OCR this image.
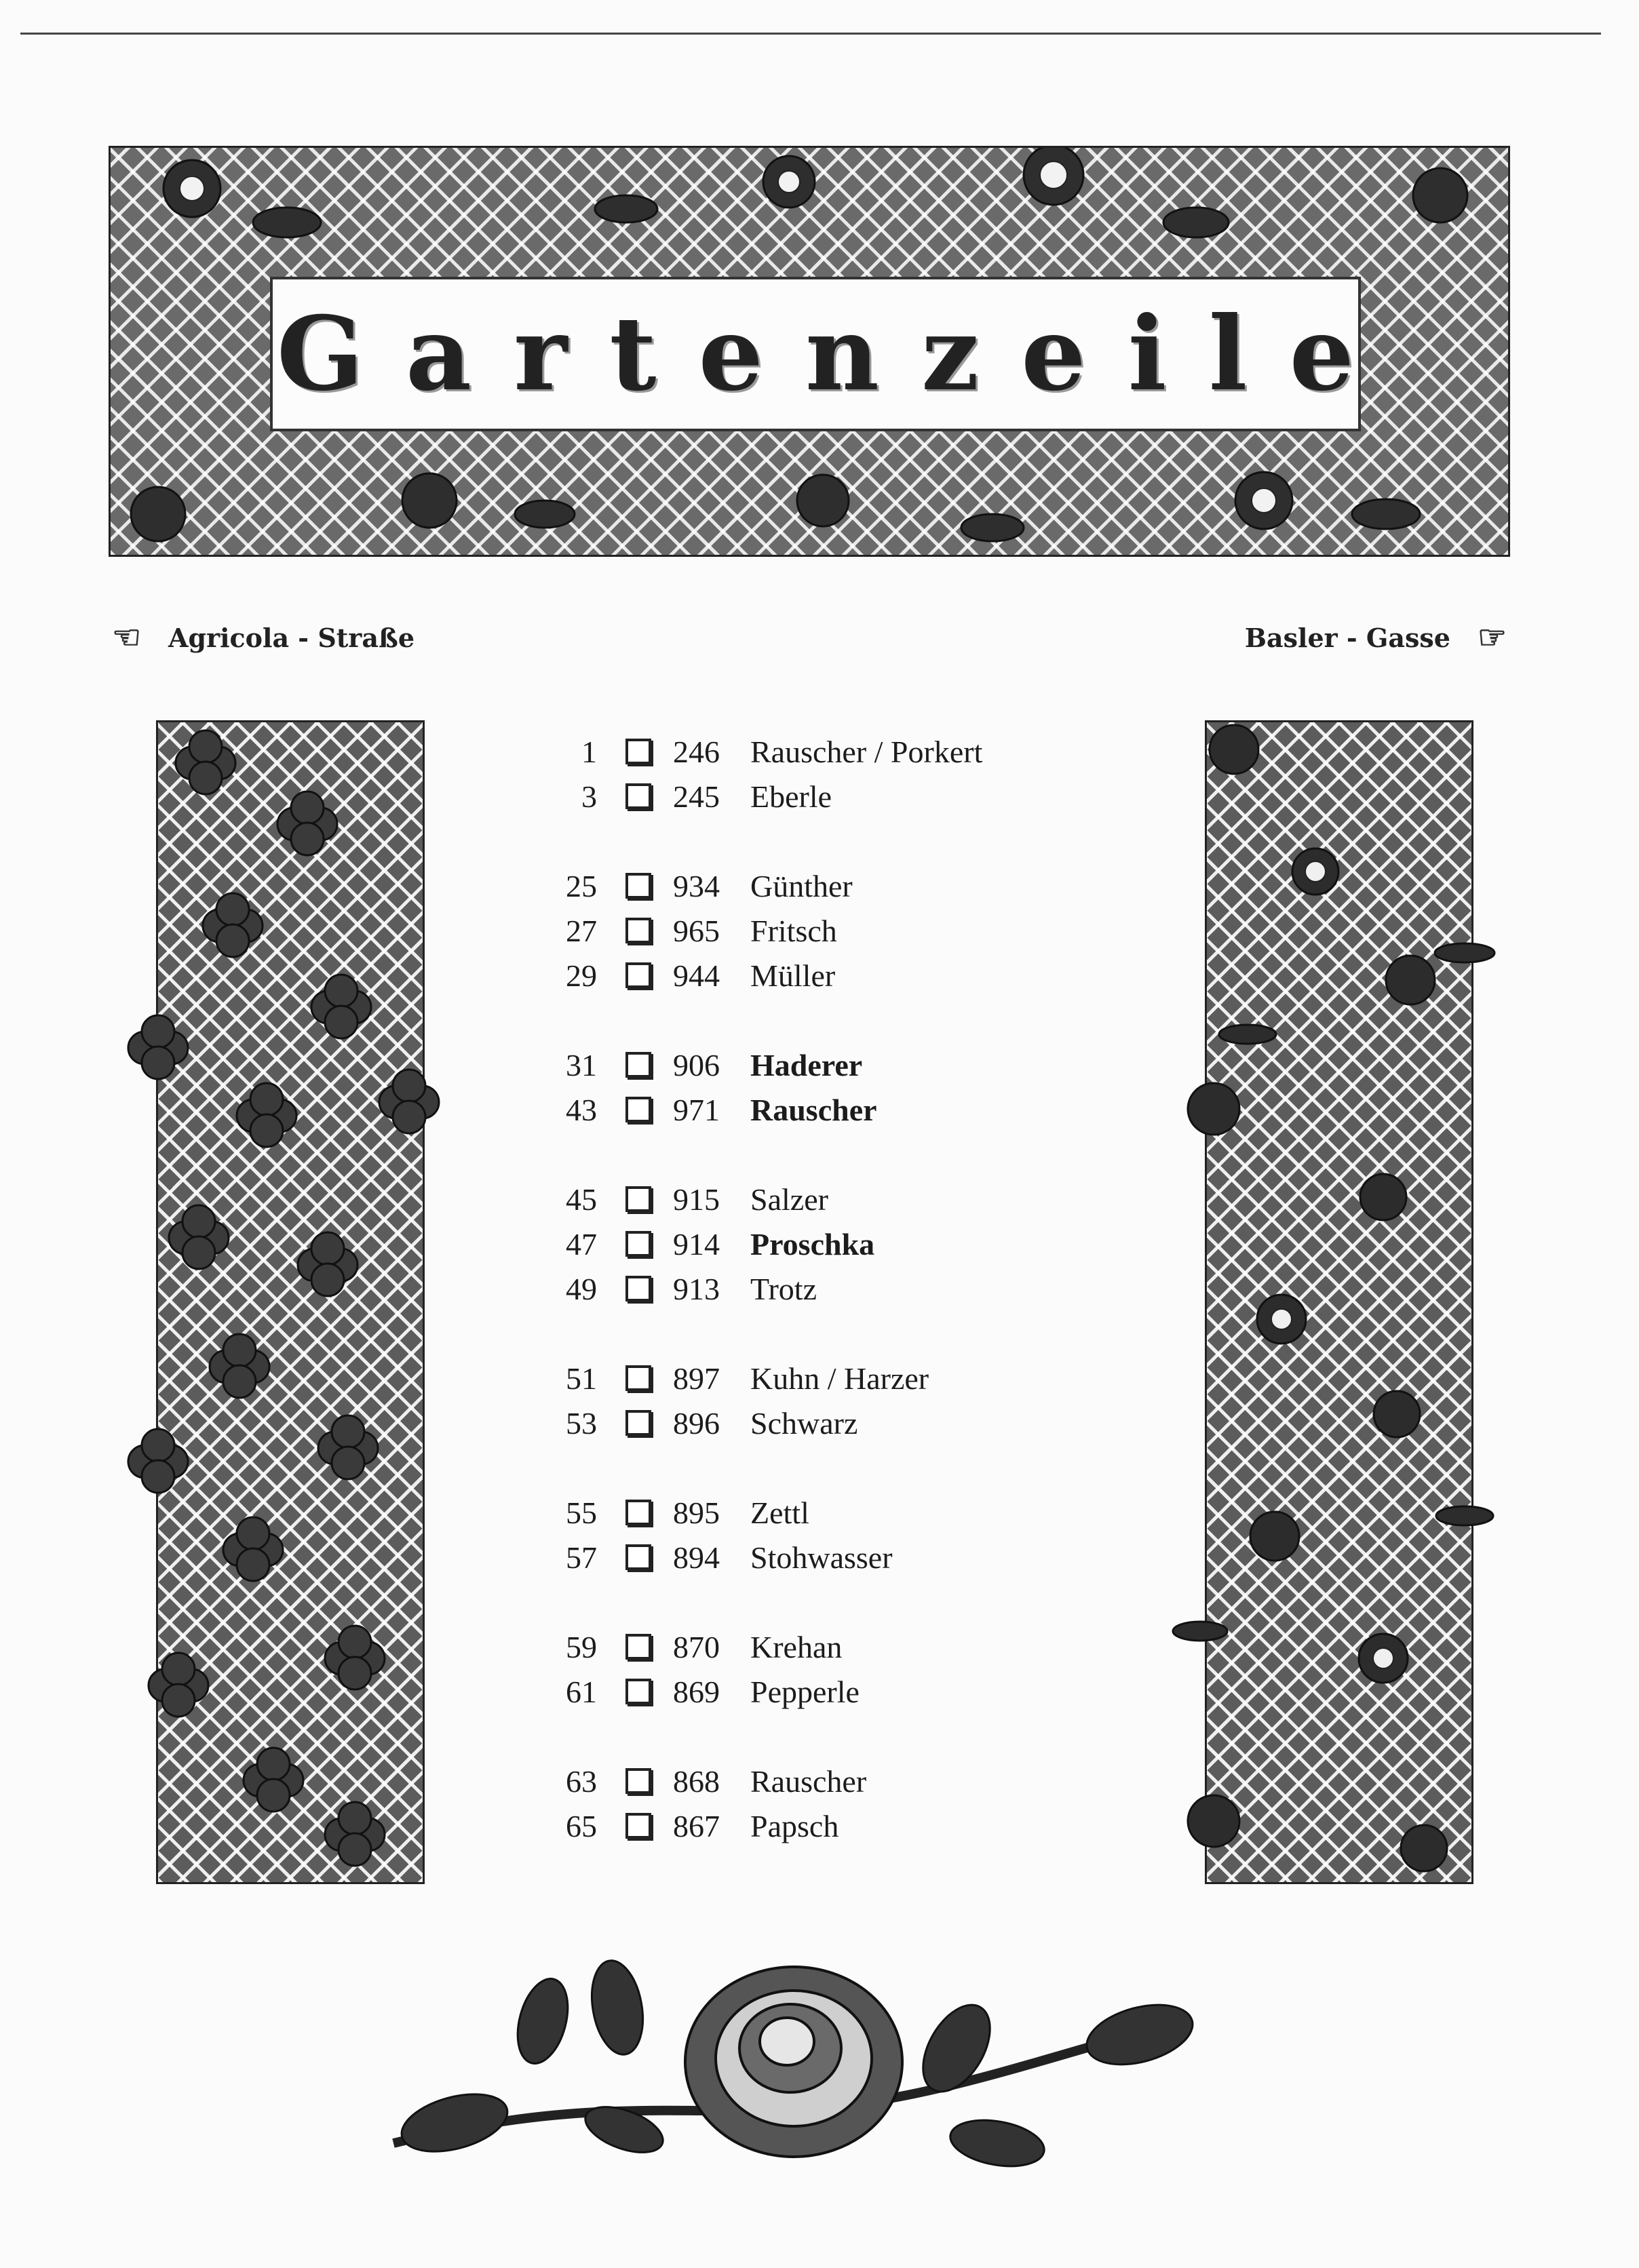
Gartenzeile
☜ Agricola - Straße	Basler - Gasse ☞
1 246 Rauscher / Porkert
3 245 Eberle
25 934 Günther
27 965 Fritsch
29 944 Müller
31 906 Haderer
43 971 Rauscher
45 915 Salzer
47 914 Proschka
49 913 Trotz
51 897 Kuhn / Harzer
53 896 Schwarz
55 895 Zettl
57 894 Stohwasser
59 870 Krehan
61 869 Pepperle
63 868 Rauscher
65 867 Papsch
